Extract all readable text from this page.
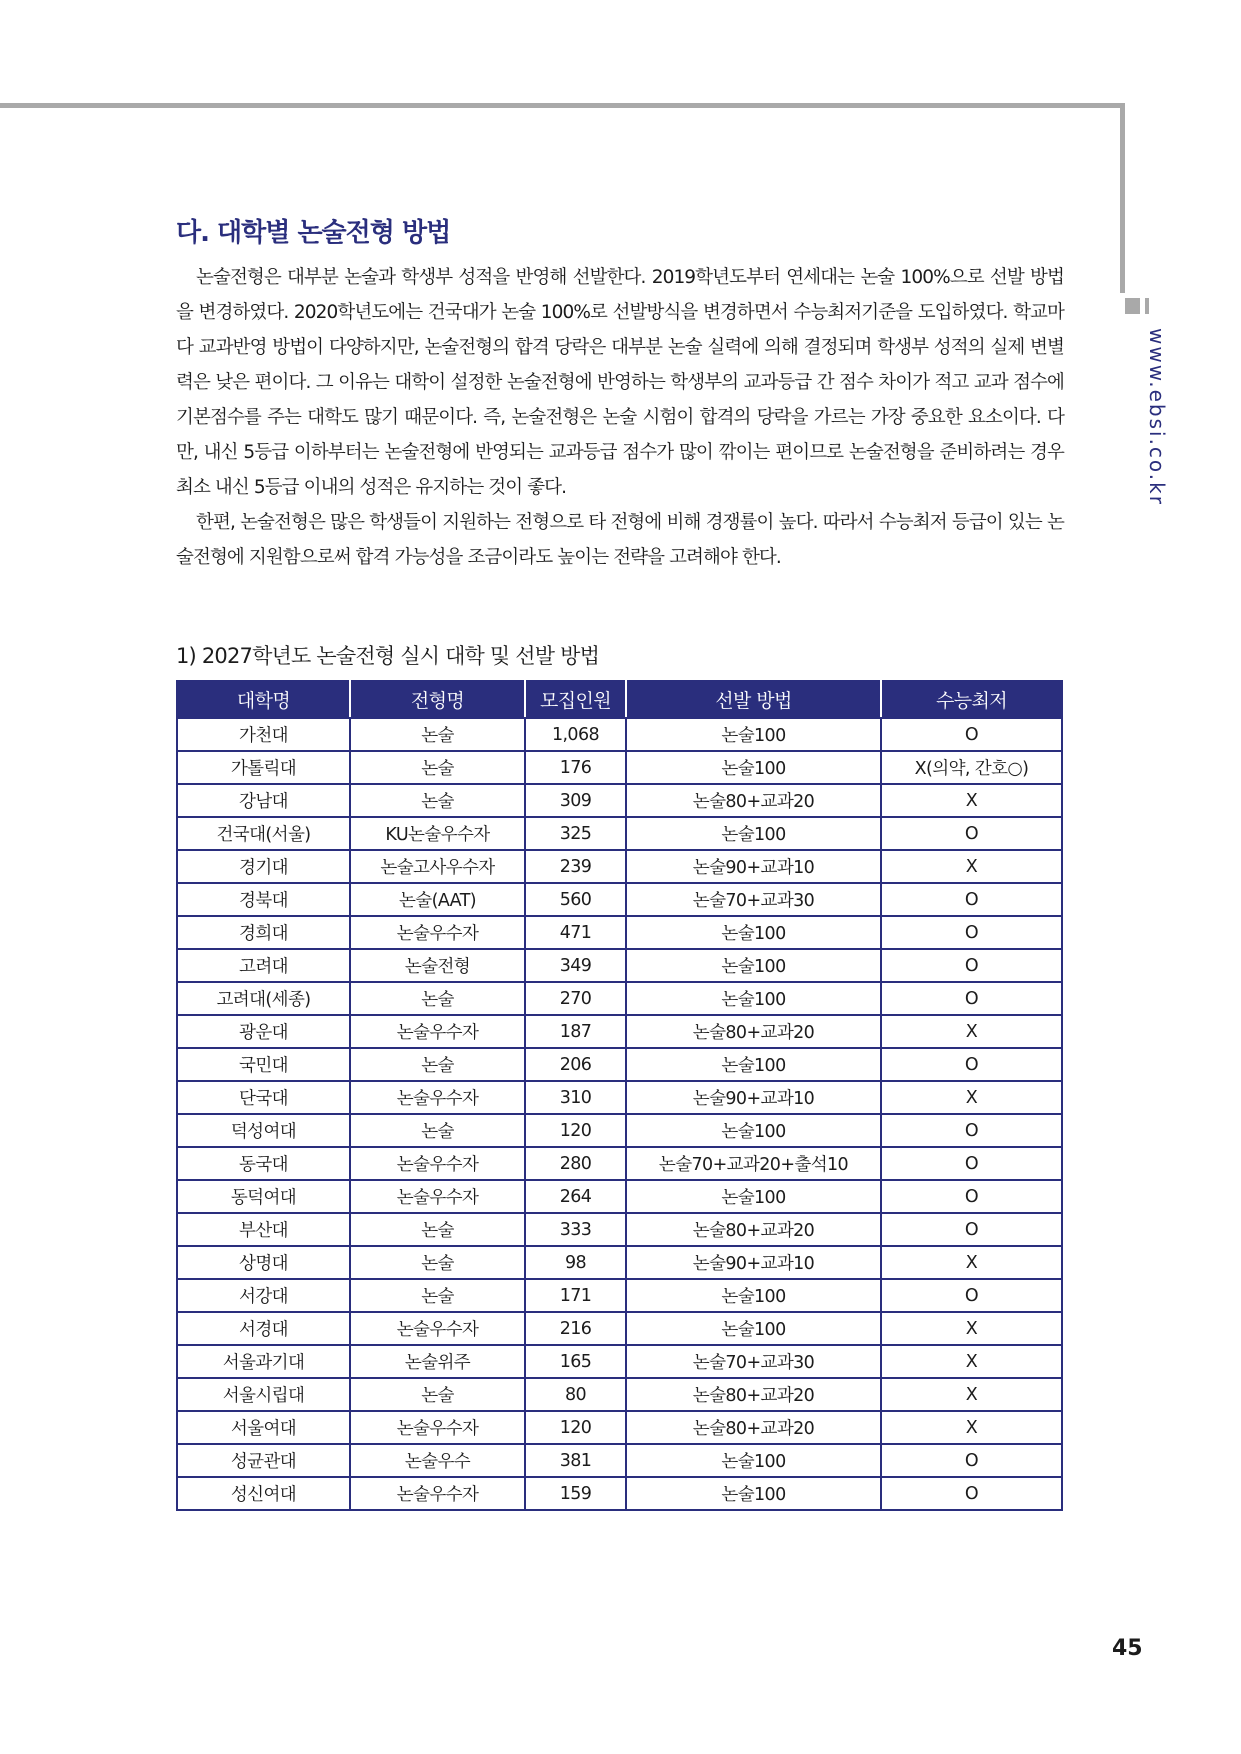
www.ebsi.co.kr
다. 대학별 논술전형 방법

논술전형은 대부분 논술과 학생부 성적을 반영해 선발한다. 2019학년도부터 연세대는 논술 100%으로 선발 방법을 변경하였다. 2020학년도에는 건국대가 논술 100%로 선발방식을 변경하면서 수능최저기준을 도입하였다. 학교마다 교과반영 방법이 다양하지만, 논술전형의 합격 당락은 대부분 논술 실력에 의해 결정되며 학생부 성적의 실제 변별력은 낮은 편이다. 그 이유는 대학이 설정한 논술전형에 반영하는 학생부의 교과등급 간 점수 차이가 적고 교과 점수에 기본점수를 주는 대학도 많기 때문이다. 즉, 논술전형은 논술 시험이 합격의 당락을 가르는 가장 중요한 요소이다. 다만, 내신 5등급 이하부터는 논술전형에 반영되는 교과등급 점수가 많이 깎이는 편이므로 논술전형을 준비하려는 경우 최소 내신 5등급 이내의 성적은 유지하는 것이 좋다.

한편, 논술전형은 많은 학생들이 지원하는 전형으로 타 전형에 비해 경쟁률이 높다. 따라서 수능최저 등급이 있는 논술전형에 지원함으로써 합격 가능성을 조금이라도 높이는 전략을 고려해야 한다.

1) 2027학년도 논술전형 실시 대학 및 선발 방법
대학명	전형명	모집인원	선발 방법	수능최저
가천대	논술	1,068	논술100	O
가톨릭대	논술	176	논술100	X(의약, 간호○)
강남대	논술	309	논술80+교과20	X
건국대(서울)	KU논술우수자	325	논술100	O
경기대	논술고사우수자	239	논술90+교과10	X
경북대	논술(AAT)	560	논술70+교과30	O
경희대	논술우수자	471	논술100	O
고려대	논술전형	349	논술100	O
고려대(세종)	논술	270	논술100	O
광운대	논술우수자	187	논술80+교과20	X
국민대	논술	206	논술100	O
단국대	논술우수자	310	논술90+교과10	X
덕성여대	논술	120	논술100	O
동국대	논술우수자	280	논술70+교과20+출석10	O
동덕여대	논술우수자	264	논술100	O
부산대	논술	333	논술80+교과20	O
상명대	논술	98	논술90+교과10	X
서강대	논술	171	논술100	O
서경대	논술우수자	216	논술100	X
서울과기대	논술위주	165	논술70+교과30	X
서울시립대	논술	80	논술80+교과20	X
서울여대	논술우수자	120	논술80+교과20	X
성균관대	논술우수	381	논술100	O
성신여대	논술우수자	159	논술100	O
45
